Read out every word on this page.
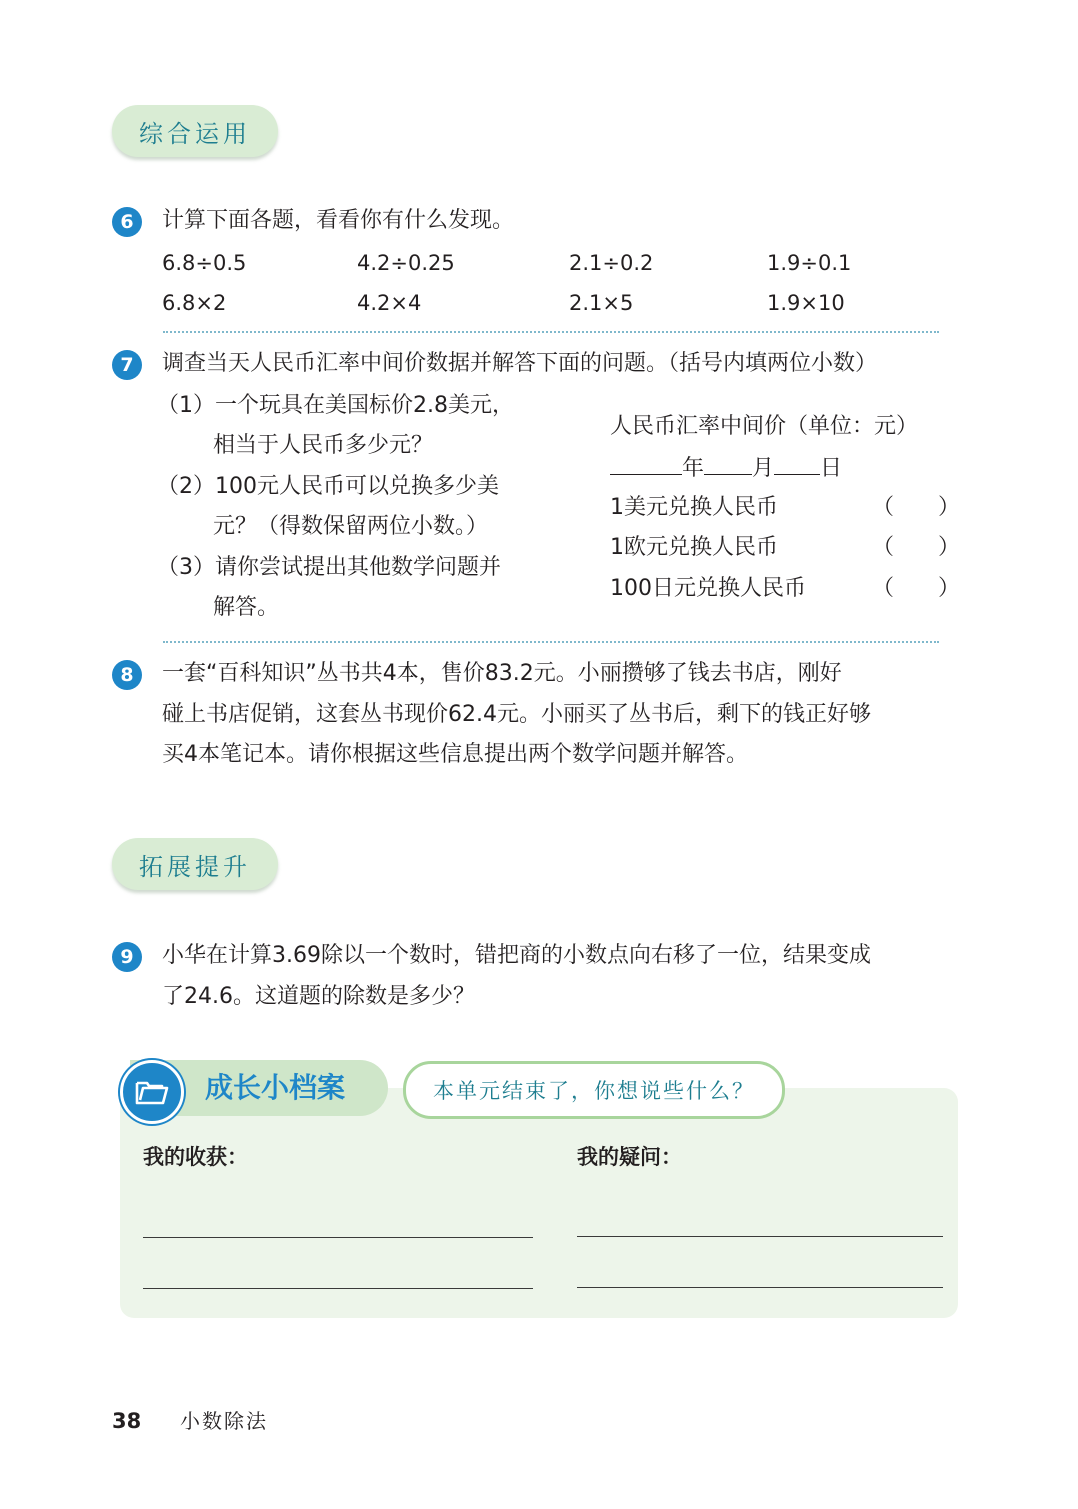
综合运用
6 计算下面各题，看看你有什么发现。
6.8÷0.5	4.2÷0.25	2.1÷0.2	1.9÷0.1
6.8×2	4.2×4	2.1×5	1.9×10
7 调查当天人民币汇率中间价数据并解答下面的问题。（括号内填两位小数）
（1）一个玩具在美国标价2.8美元，
相当于人民币多少元？
（2）100元人民币可以兑换多少美
元？（得数保留两位小数。）
（3）请你尝试提出其他数学问题并
解答。
人民币汇率中间价（单位：元）
年 月 日
1美元兑换人民币	（　　）
1欧元兑换人民币	（　　）
100日元兑换人民币	（　　）
8 一套“百科知识”丛书共4本，售价83.2元。小丽攒够了钱去书店，刚好
碰上书店促销，这套丛书现价62.4元。小丽买了丛书后，剩下的钱正好够
买4本笔记本。请你根据这些信息提出两个数学问题并解答。
拓展提升
9 小华在计算3.69除以一个数时，错把商的小数点向右移了一位，结果变成
了24.6。这道题的除数是多少？
成长小档案	本单元结束了，你想说些什么？
我的收获：	我的疑问：
38 小数除法
